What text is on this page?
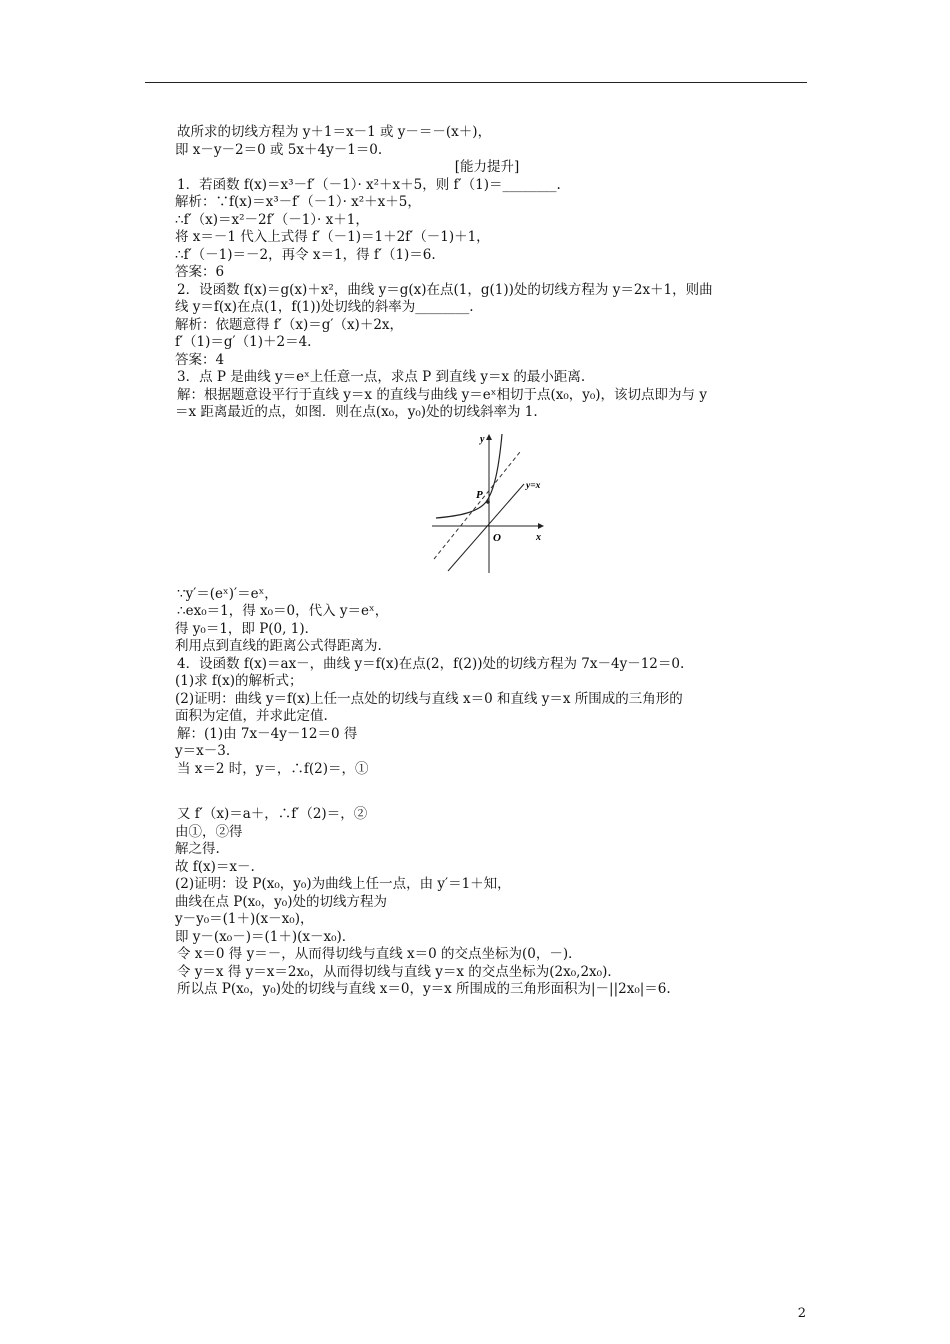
故所求的切线方程为 y＋1＝x－1 或 y－＝－(x＋)，
即 x－y－2＝0 或 5x＋4y－1＝0.
[能力提升]
1．若函数 f(x)＝x³－f′（－1）· x²＋x＋5，则 f′（1)＝________.
解析：∵f(x)＝x³－f′（－1）· x²＋x＋5，
∴f′（x)＝x²－2f′（－1）· x＋1，
将 x＝－1 代入上式得 f′（－1)＝1＋2f′（－1)＋1，
∴f′（－1)＝－2，再令 x＝1，得 f′（1)＝6.
答案：6
2．设函数 f(x)＝g(x)＋x²，曲线 y＝g(x)在点(1，g(1))处的切线方程为 y＝2x＋1，则曲
线 y＝f(x)在点(1，f(1))处切线的斜率为________.
解析：依题意得 f′（x)＝g′（x)＋2x，
f′（1)＝g′（1)＋2＝4.
答案：4
3．点 P 是曲线 y＝eˣ上任意一点，求点 P 到直线 y＝x 的最小距离.
解：根据题意设平行于直线 y＝x 的直线与曲线 y＝eˣ相切于点(x₀，y₀)，该切点即为与 y
＝x 距离最近的点，如图．则在点(x₀，y₀)处的切线斜率为 1.
P
O	x
y
y=x
∵y′＝(eˣ)′＝eˣ，
∴ex₀＝1，得 x₀＝0，代入 y＝eˣ，
得 y₀＝1，即 P(0, 1)．
利用点到直线的距离公式得距离为.
4．设函数 f(x)＝ax－，曲线 y＝f(x)在点(2，f(2))处的切线方程为 7x－4y－12＝0.
(1)求 f(x)的解析式；
(2)证明：曲线 y＝f(x)上任一点处的切线与直线 x＝0 和直线 y＝x 所围成的三角形的
面积为定值，并求此定值.
解：(1)由 7x－4y－12＝0 得
y＝x－3.
当 x＝2 时，y＝，∴f(2)＝，①
又 f′（x)＝a＋，∴f′（2)＝，②
由①，②得
解之得.
故 f(x)＝x－.
(2)证明：设 P(x₀，y₀)为曲线上任一点，由 y′＝1＋知，
曲线在点 P(x₀，y₀)处的切线方程为
y－y₀＝(1＋)(x－x₀)，
即 y－(x₀－)＝(1＋)(x－x₀)．
令 x＝0 得 y＝－，从而得切线与直线 x＝0 的交点坐标为(0，－)．
令 y＝x 得 y＝x＝2x₀，从而得切线与直线 y＝x 的交点坐标为(2x₀,2x₀)．
所以点 P(x₀，y₀)处的切线与直线 x＝0，y＝x 所围成的三角形面积为|－||2x₀|＝6.
2
